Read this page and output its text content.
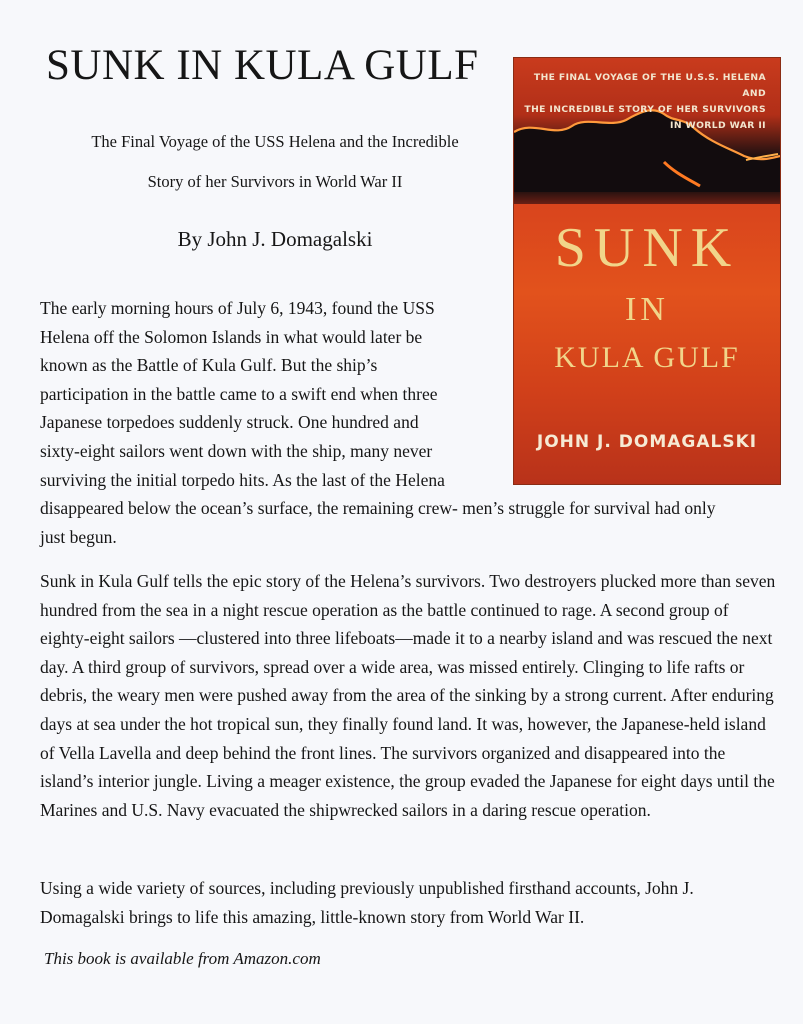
SUNK IN KULA GULF

The Final Voyage of the USS Helena and the Incredible
Story of her Survivors in World War II

By John J. Domagalski

THE FINAL VOYAGE OF THE U.S.S. HELENA AND
THE INCREDIBLE STORY OF HER SURVIVORS
IN WORLD WAR II

SUNK

IN

KULA GULF

JOHN J. DOMAGALSKI

The early morning hours of July 6, 1943, found the USS
Helena off the Solomon Islands in what would later be
known as the Battle of Kula Gulf. But the ship’s
participation in the battle came to a swift end when three
Japanese torpedoes suddenly struck. One hundred and
sixty-eight sailors went down with the ship, many never
surviving the initial torpedo hits. As the last of the Helena
disappeared below the ocean’s surface, the remaining crew- men’s struggle for survival had only
just begun.

Sunk in Kula Gulf tells the epic story of the Helena’s survivors. Two destroyers plucked more than seven hundred from the sea in a night rescue operation as the battle continued to rage. A second group of eighty-eight sailors —clustered into three lifeboats—made it to a nearby island and was rescued the next day. A third group of survivors, spread over a wide area, was missed entirely. Clinging to life rafts or debris, the weary men were pushed away from the area of the sinking by a strong current. After enduring days at sea under the hot tropical sun, they finally found land. It was, however, the Japanese-held island of Vella Lavella and deep behind the front lines. The survivors organized and disappeared into the island’s interior jungle. Living a meager existence, the group evaded the Japanese for eight days until the Marines and U.S. Navy evacuated the shipwrecked sailors in a daring rescue operation.

Using a wide variety of sources, including previously unpublished firsthand accounts, John J. Domagalski brings to life this amazing, little-known story from World War II.

This book is available from Amazon.com
